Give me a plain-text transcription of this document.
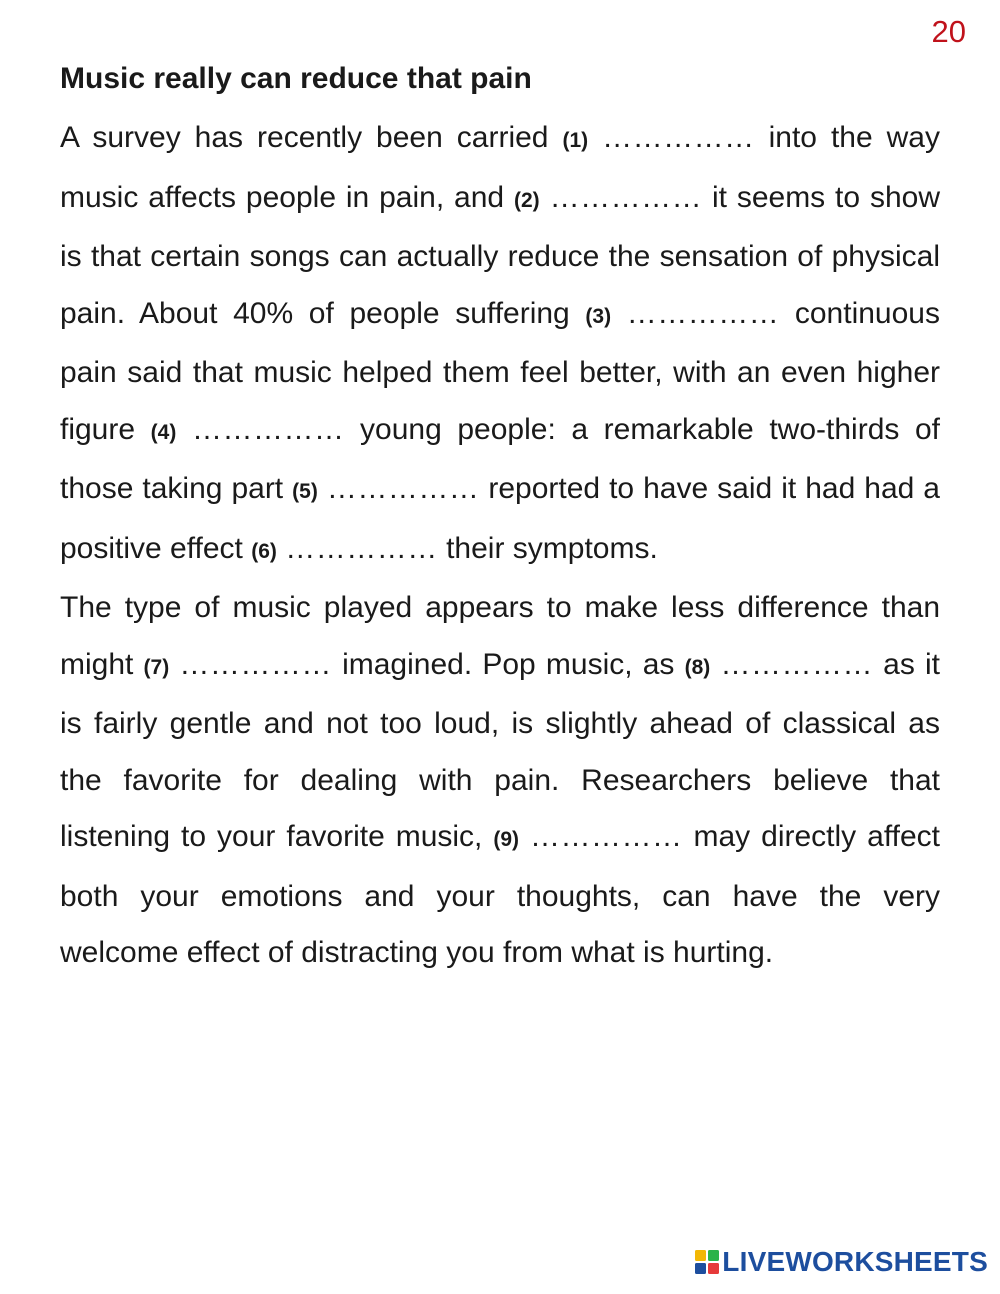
20
Music really can reduce that pain

A survey has recently been carried (1) …………… into the way music affects people in pain, and (2) …………… it seems to show is that certain songs can actually reduce the sensation of physical pain. About 40% of people suffering (3) …………… continuous pain said that music helped them feel better, with an even higher figure (4) …………… young people: a remarkable two-thirds of those taking part (5) …………… reported to have said it had had a positive effect (6) …………… their symptoms.

The type of music played appears to make less difference than might (7) …………… imagined. Pop music, as (8) …………… as it is fairly gentle and not too loud, is slightly ahead of classical as the favorite for dealing with pain. Researchers believe that listening to your favorite music, (9) …………… may directly affect both your emotions and your thoughts, can have the very welcome effect of distracting you from what is hurting.

LIVEWORKSHEETS
